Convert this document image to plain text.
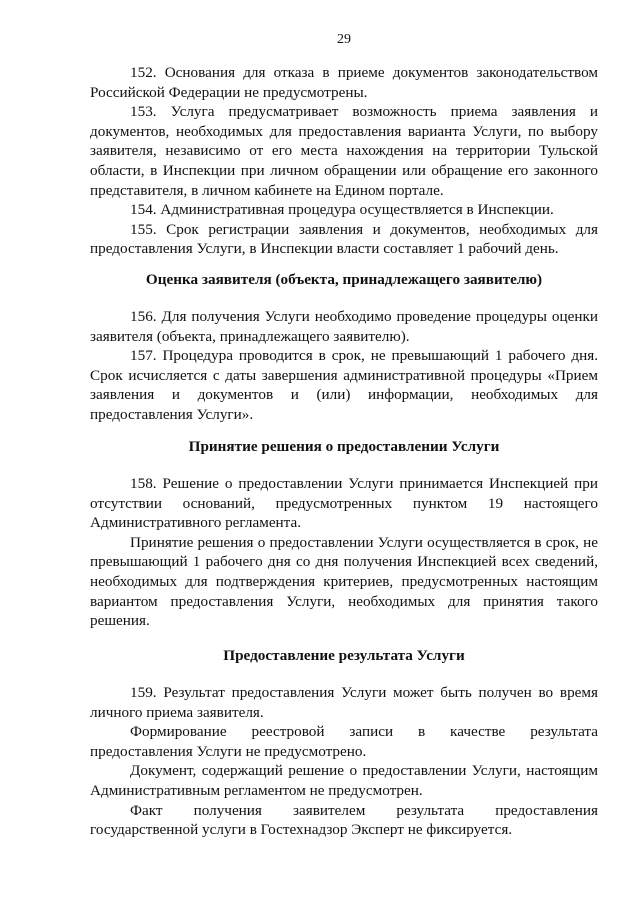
29

152. Основания для отказа в приеме документов законодательством Российской Федерации не предусмотрены.

153. Услуга предусматривает возможность приема заявления и документов, необходимых для предоставления варианта Услуги, по выбору заявителя, независимо от его места нахождения на территории Тульской области, в Инспекции при личном обращении или обращение его законного представителя, в личном кабинете на Едином портале.

154. Административная процедура осуществляется в Инспекции.

155. Срок регистрации заявления и документов, необходимых для предоставления Услуги, в Инспекции власти составляет 1 рабочий день.

Оценка заявителя (объекта, принадлежащего заявителю)

156. Для получения Услуги необходимо проведение процедуры оценки заявителя (объекта, принадлежащего заявителю).

157. Процедура проводится в срок, не превышающий 1 рабочего дня. Срок исчисляется с даты завершения административной процедуры «Прием заявления и документов и (или) информации, необходимых для предоставления Услуги».

Принятие решения о предоставлении Услуги

158. Решение о предоставлении Услуги принимается Инспекцией при отсутствии оснований, предусмотренных пунктом 19 настоящего Административного регламента.

Принятие решения о предоставлении Услуги осуществляется в срок, не превышающий 1 рабочего дня со дня получения Инспекцией всех сведений, необходимых для подтверждения критериев, предусмотренных настоящим вариантом предоставления Услуги, необходимых для принятия такого решения.

Предоставление результата Услуги

159. Результат предоставления Услуги может быть получен во время личного приема заявителя.

Формирование реестровой записи в качестве результата предоставления Услуги не предусмотрено.

Документ, содержащий решение о предоставлении Услуги, настоящим Административным регламентом не предусмотрен.

Факт получения заявителем результата предоставления государственной услуги в Гостехнадзор Эксперт не фиксируется.
